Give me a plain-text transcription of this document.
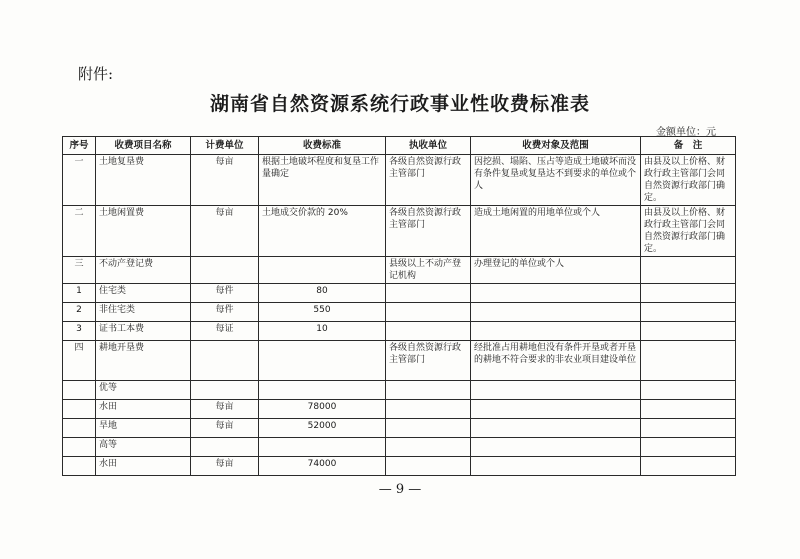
附件:
湖南省自然资源系统行政事业性收费标准表
金额单位：元
序号	收费项目名称	计费单位	收费标准	执收单位	收费对象及范围	备　注
一	土地复垦费	每亩	根据土地破坏程度和复垦工作量确定	各级自然资源行政主管部门	因挖损、塌陷、压占等造成土地破坏而没有条件复垦或复垦达不到要求的单位或个人	由县及以上价格、财政行政主管部门会同自然资源行政部门确定。
二	土地闲置费	每亩	土地成交价款的 20%	各级自然资源行政主管部门	造成土地闲置的用地单位或个人	由县及以上价格、财政行政主管部门会同自然资源行政部门确定。
三	不动产登记费			县级以上不动产登记机构	办理登记的单位或个人	
1	住宅类	每件	80			
2	非住宅类	每件	550			
3	证书工本费	每证	10			
四	耕地开垦费			各级自然资源行政主管部门	经批准占用耕地但没有条件开垦或者开垦的耕地不符合要求的非农业项目建设单位	
	优等					
	水田	每亩	78000			
	旱地	每亩	52000			
	高等					
	水田	每亩	74000			
— 9 —
